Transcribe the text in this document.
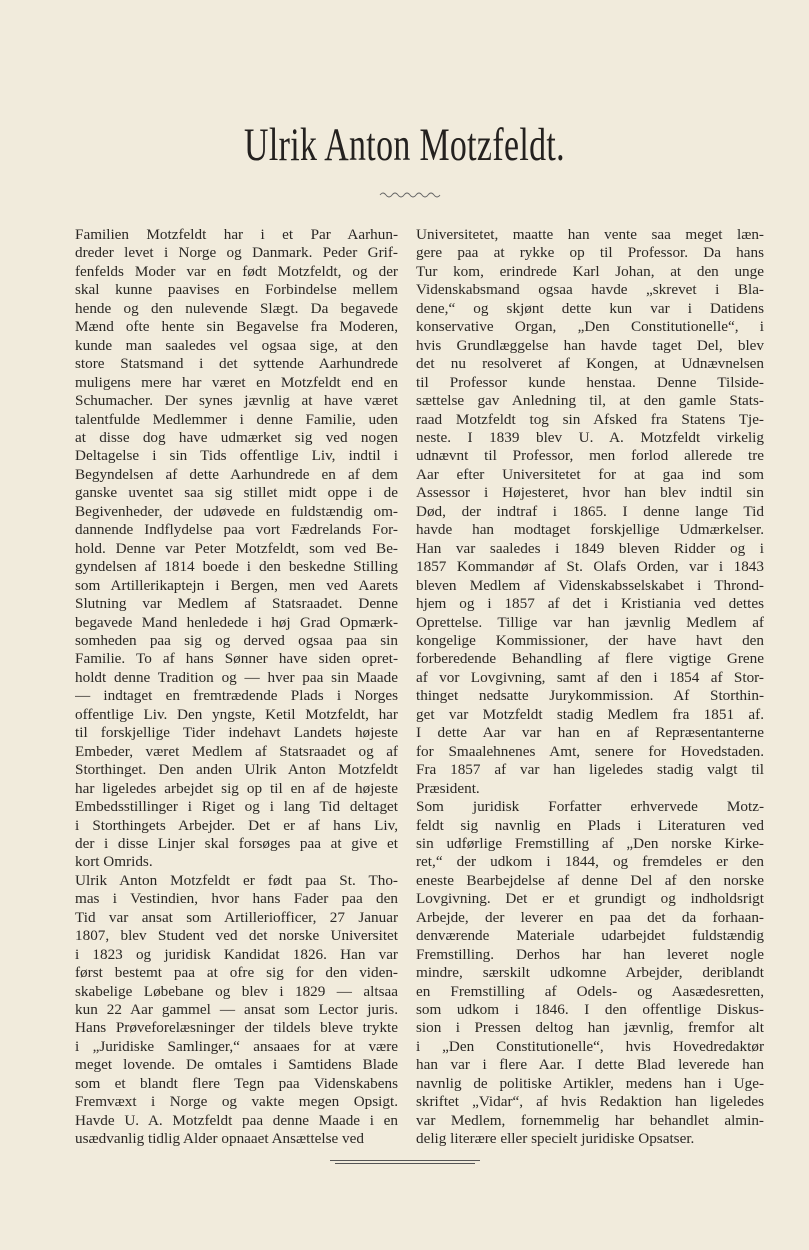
Ulrik Anton Motzfeldt.
Familien Motzfeldt har i et Par Aarhun-
dreder levet i Norge og Danmark. Peder Grif-
fenfelds Moder var en født Motzfeldt, og der
skal kunne paavises en Forbindelse mellem
hende og den nulevende Slægt. Da begavede
Mænd ofte hente sin Begavelse fra Moderen,
kunde man saaledes vel ogsaa sige, at den
store Statsmand i det syttende Aarhundrede
muligens mere har været en Motzfeldt end en
Schumacher. Der synes jævnlig at have været
talentfulde Medlemmer i denne Familie, uden
at disse dog have udmærket sig ved nogen
Deltagelse i sin Tids offentlige Liv, indtil i
Begyndelsen af dette Aarhundrede en af dem
ganske uventet saa sig stillet midt oppe i de
Begivenheder, der udøvede en fuldstændig om-
dannende Indflydelse paa vort Fædrelands For-
hold. Denne var Peter Motzfeldt, som ved Be-
gyndelsen af 1814 boede i den beskedne Stilling
som Artillerikaptejn i Bergen, men ved Aarets
Slutning var Medlem af Statsraadet. Denne
begavede Mand henledede i høj Grad Opmærk-
somheden paa sig og derved ogsaa paa sin
Familie. To af hans Sønner have siden opret-
holdt denne Tradition og — hver paa sin Maade
— indtaget en fremtrædende Plads i Norges
offentlige Liv. Den yngste, Ketil Motzfeldt, har
til forskjellige Tider indehavt Landets højeste
Embeder, været Medlem af Statsraadet og af
Storthinget. Den anden Ulrik Anton Motzfeldt
har ligeledes arbejdet sig op til en af de højeste
Embedsstillinger i Riget og i lang Tid deltaget
i Storthingets Arbejder. Det er af hans Liv,
der i disse Linjer skal forsøges paa at give et
kort Omrids.
Ulrik Anton Motzfeldt er født paa St. Tho-
mas i Vestindien, hvor hans Fader paa den
Tid var ansat som Artilleriofficer, 27 Januar
1807, blev Student ved det norske Universitet
i 1823 og juridisk Kandidat 1826. Han var
først bestemt paa at ofre sig for den viden-
skabelige Løbebane og blev i 1829 — altsaa
kun 22 Aar gammel — ansat som Lector juris.
Hans Prøveforelæsninger der tildels bleve trykte
i „Juridiske Samlinger,“ ansaaes for at være
meget lovende. De omtales i Samtidens Blade
som et blandt flere Tegn paa Videnskabens
Fremvæxt i Norge og vakte megen Opsigt.
Havde U. A. Motzfeldt paa denne Maade i en
usædvanlig tidlig Alder opnaaet Ansættelse ved
Universitetet, maatte han vente saa meget læn-
gere paa at rykke op til Professor. Da hans
Tur kom, erindrede Karl Johan, at den unge
Videnskabsmand ogsaa havde „skrevet i Bla-
dene,“ og skjønt dette kun var i Datidens
konservative Organ, „Den Constitutionelle“, i
hvis Grundlæggelse han havde taget Del, blev
det nu resolveret af Kongen, at Udnævnelsen
til Professor kunde henstaa. Denne Tilside-
sættelse gav Anledning til, at den gamle Stats-
raad Motzfeldt tog sin Afsked fra Statens Tje-
neste. I 1839 blev U. A. Motzfeldt virkelig
udnævnt til Professor, men forlod allerede tre
Aar efter Universitetet for at gaa ind som
Assessor i Højesteret, hvor han blev indtil sin
Død, der indtraf i 1865. I denne lange Tid
havde han modtaget forskjellige Udmærkelser.
Han var saaledes i 1849 bleven Ridder og i
1857 Kommandør af St. Olafs Orden, var i 1843
bleven Medlem af Videnskabsselskabet i Thrond-
hjem og i 1857 af det i Kristiania ved dettes
Oprettelse. Tillige var han jævnlig Medlem af
kongelige Kommissioner, der have havt den
forberedende Behandling af flere vigtige Grene
af vor Lovgivning, samt af den i 1854 af Stor-
thinget nedsatte Jurykommission. Af Storthin-
get var Motzfeldt stadig Medlem fra 1851 af.
I dette Aar var han en af Repræsentanterne
for Smaalehnenes Amt, senere for Hovedstaden.
Fra 1857 af var han ligeledes stadig valgt til
Præsident.
Som juridisk Forfatter erhvervede Motz-
feldt sig navnlig en Plads i Literaturen ved
sin udførlige Fremstilling af „Den norske Kirke-
ret,“ der udkom i 1844, og fremdeles er den
eneste Bearbejdelse af denne Del af den norske
Lovgivning. Det er et grundigt og indholdsrigt
Arbejde, der leverer en paa det da forhaan-
denværende Materiale udarbejdet fuldstændig
Fremstilling. Derhos har han leveret nogle
mindre, særskilt udkomne Arbejder, deriblandt
en Fremstilling af Odels- og Aasædesretten,
som udkom i 1846. I den offentlige Diskus-
sion i Pressen deltog han jævnlig, fremfor alt
i „Den Constitutionelle“, hvis Hovedredaktør
han var i flere Aar. I dette Blad leverede han
navnlig de politiske Artikler, medens han i Uge-
skriftet „Vidar“, af hvis Redaktion han ligeledes
var Medlem, fornemmelig har behandlet almin-
delig literære eller specielt juridiske Opsatser.
